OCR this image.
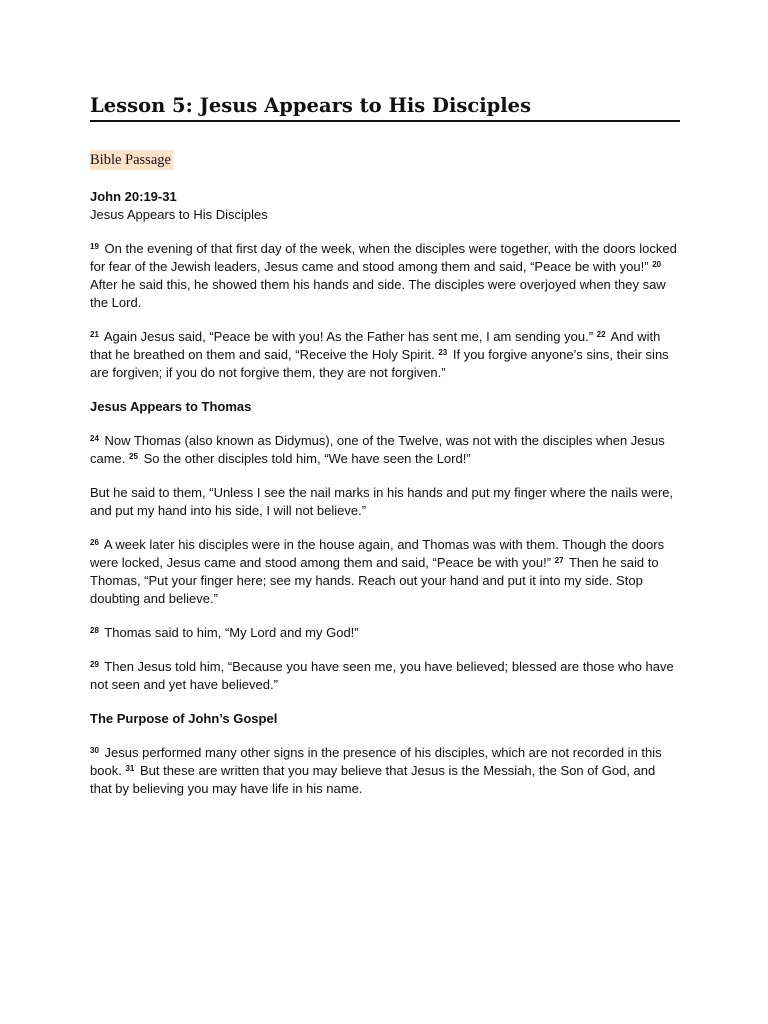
Lesson 5: Jesus Appears to His Disciples
Bible Passage
John 20:19-31
Jesus Appears to His Disciples

$^{19}$ On the evening of that first day of the week, when the disciples were together, with the doors locked for fear of the Jewish leaders, Jesus came and stood among them and said, “Peace be with you!” $^{20}$ After he said this, he showed them his hands and side. The disciples were overjoyed when they saw the Lord.

$^{21}$ Again Jesus said, “Peace be with you! As the Father has sent me, I am sending you.” $^{22}$ And with that he breathed on them and said, “Receive the Holy Spirit. $^{23}$ If you forgive anyone’s sins, their sins are forgiven; if you do not forgive them, they are not forgiven.”

Jesus Appears to Thomas

$^{24}$ Now Thomas (also known as Didymus), one of the Twelve, was not with the disciples when Jesus came. $^{25}$ So the other disciples told him, “We have seen the Lord!”

But he said to them, “Unless I see the nail marks in his hands and put my finger where the nails were, and put my hand into his side, I will not believe.”

$^{26}$ A week later his disciples were in the house again, and Thomas was with them. Though the doors were locked, Jesus came and stood among them and said, “Peace be with you!” $^{27}$ Then he said to Thomas, “Put your finger here; see my hands. Reach out your hand and put it into my side. Stop doubting and believe.”

$^{28}$ Thomas said to him, “My Lord and my God!”

$^{29}$ Then Jesus told him, “Because you have seen me, you have believed; blessed are those who have not seen and yet have believed.”

The Purpose of John’s Gospel

$^{30}$ Jesus performed many other signs in the presence of his disciples, which are not recorded in this book. $^{31}$ But these are written that you may believe that Jesus is the Messiah, the Son of God, and that by believing you may have life in his name.
